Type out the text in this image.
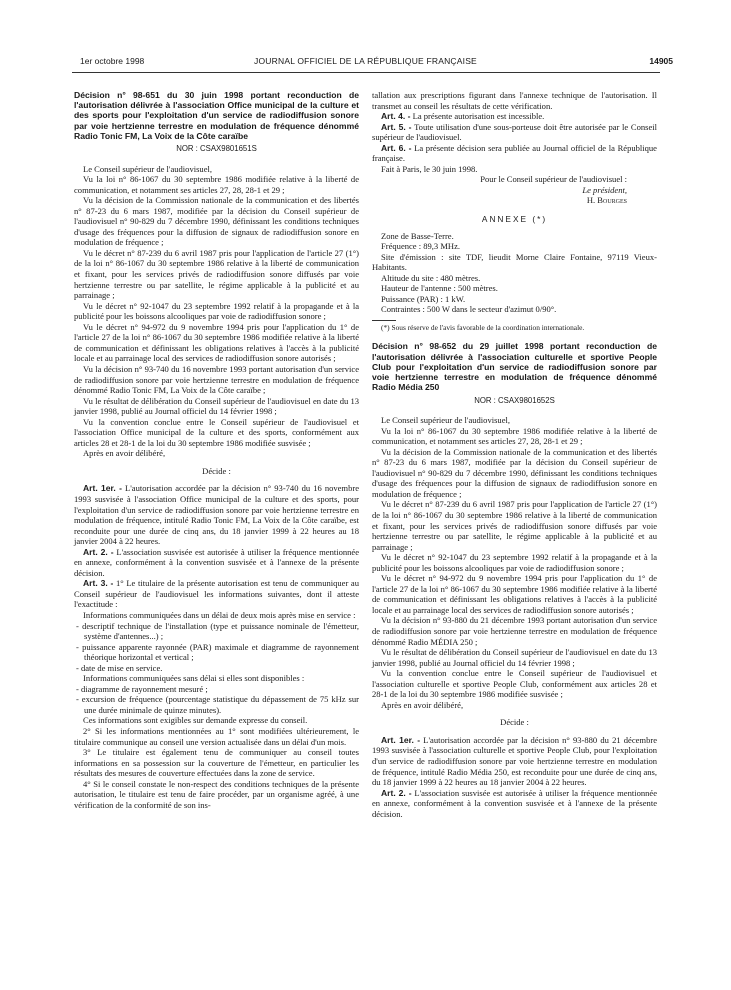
1er octobre 1998	JOURNAL OFFICIEL DE LA RÉPUBLIQUE FRANÇAISE	14905

Décision n° 98-651 du 30 juin 1998 portant reconduction de l'autorisation délivrée à l'association Office municipal de la culture et des sports pour l'exploitation d'un service de radiodiffusion sonore par voie hertzienne terrestre en modulation de fréquence dénommé Radio Tonic FM, La Voix de la Côte caraïbe

NOR : CSAX9801651S

Le Conseil supérieur de l'audiovisuel,

Vu la loi n° 86-1067 du 30 septembre 1986 modifiée relative à la liberté de communication, et notamment ses articles 27, 28, 28-1 et 29 ;

Vu la décision de la Commission nationale de la communication et des libertés n° 87-23 du 6 mars 1987, modifiée par la décision du Conseil supérieur de l'audiovisuel n° 90-829 du 7 décembre 1990, définissant les conditions techniques d'usage des fréquences pour la diffusion de signaux de radiodiffusion sonore en modulation de fréquence ;

Vu le décret n° 87-239 du 6 avril 1987 pris pour l'application de l'article 27 (1°) de la loi n° 86-1067 du 30 septembre 1986 relative à la liberté de communication et fixant, pour les services privés de radiodiffusion sonore diffusés par voie hertzienne terrestre ou par satellite, le régime applicable à la publicité et au parrainage ;

Vu le décret n° 92-1047 du 23 septembre 1992 relatif à la propagande et à la publicité pour les boissons alcooliques par voie de radiodiffusion sonore ;

Vu le décret n° 94-972 du 9 novembre 1994 pris pour l'application du 1° de l'article 27 de la loi n° 86-1067 du 30 septembre 1986 modifiée relative à la liberté de communication et définissant les obligations relatives à l'accès à la publicité locale et au parrainage local des services de radiodiffusion sonore autorisés ;

Vu la décision n° 93-740 du 16 novembre 1993 portant autorisation d'un service de radiodiffusion sonore par voie hertzienne terrestre en modulation de fréquence dénommé Radio Tonic FM, La Voix de la Côte caraïbe ;

Vu le résultat de délibération du Conseil supérieur de l'audiovisuel en date du 13 janvier 1998, publié au Journal officiel du 14 février 1998 ;

Vu la convention conclue entre le Conseil supérieur de l'audiovisuel et l'association Office municipal de la culture et des sports, conformément aux articles 28 et 28-1 de la loi du 30 septembre 1986 modifiée susvisée ;

Après en avoir délibéré,

Décide :

Art. 1er. - L'autorisation accordée par la décision n° 93-740 du 16 novembre 1993 susvisée à l'association Office municipal de la culture et des sports, pour l'exploitation d'un service de radiodiffusion sonore par voie hertzienne terrestre en modulation de fréquence, intitulé Radio Tonic FM, La Voix de la Côte caraïbe, est reconduite pour une durée de cinq ans, du 18 janvier 1999 à 22 heures au 18 janvier 2004 à 22 heures.

Art. 2. - L'association susvisée est autorisée à utiliser la fréquence mentionnée en annexe, conformément à la convention susvisée et à l'annexe de la présente décision.

Art. 3. - 1° Le titulaire de la présente autorisation est tenu de communiquer au Conseil supérieur de l'audiovisuel les informations suivantes, dont il atteste l'exactitude :

Informations communiquées dans un délai de deux mois après mise en service :

- descriptif technique de l'installation (type et puissance nominale de l'émetteur, système d'antennes...) ;

- puissance apparente rayonnée (PAR) maximale et diagramme de rayonnement théorique horizontal et vertical ;

- date de mise en service.

Informations communiquées sans délai si elles sont disponibles :

- diagramme de rayonnement mesuré ;

- excursion de fréquence (pourcentage statistique du dépassement de 75 kHz sur une durée minimale de quinze minutes).

Ces informations sont exigibles sur demande expresse du conseil.

2° Si les informations mentionnées au 1° sont modifiées ultérieurement, le titulaire communique au conseil une version actualisée dans un délai d'un mois.

3° Le titulaire est également tenu de communiquer au conseil toutes informations en sa possession sur la couverture de l'émetteur, en particulier les résultats des mesures de couverture effectuées dans la zone de service.

4° Si le conseil constate le non-respect des conditions techniques de la présente autorisation, le titulaire est tenu de faire procéder, par un organisme agréé, à une vérification de la conformité de son ins-

tallation aux prescriptions figurant dans l'annexe technique de l'autorisation. Il transmet au conseil les résultats de cette vérification.

Art. 4. - La présente autorisation est incessible.

Art. 5. - Toute utilisation d'une sous-porteuse doit être autorisée par le Conseil supérieur de l'audiovisuel.

Art. 6. - La présente décision sera publiée au Journal officiel de la République française.

Fait à Paris, le 30 juin 1998.

Pour le Conseil supérieur de l'audiovisuel :

Le président,

H. Bourges

ANNEXE (*)

Zone de Basse-Terre.

Fréquence : 89,3 MHz.

Site d'émission : site TDF, lieudit Morne Claire Fontaine, 97119 Vieux-Habitants.

Altitude du site : 480 mètres.

Hauteur de l'antenne : 500 mètres.

Puissance (PAR) : 1 kW.

Contraintes : 500 W dans le secteur d'azimut 0/90°.

(*) Sous réserve de l'avis favorable de la coordination internationale.

Décision n° 98-652 du 29 juillet 1998 portant reconduction de l'autorisation délivrée à l'association culturelle et sportive People Club pour l'exploitation d'un service de radiodiffusion sonore par voie hertzienne terrestre en modulation de fréquence dénommé Radio Média 250

NOR : CSAX9801652S

Le Conseil supérieur de l'audiovisuel,

Vu la loi n° 86-1067 du 30 septembre 1986 modifiée relative à la liberté de communication, et notamment ses articles 27, 28, 28-1 et 29 ;

Vu la décision de la Commission nationale de la communication et des libertés n° 87-23 du 6 mars 1987, modifiée par la décision du Conseil supérieur de l'audiovisuel n° 90-829 du 7 décembre 1990, définissant les conditions techniques d'usage des fréquences pour la diffusion de signaux de radiodiffusion sonore en modulation de fréquence ;

Vu le décret n° 87-239 du 6 avril 1987 pris pour l'application de l'article 27 (1°) de la loi n° 86-1067 du 30 septembre 1986 relative à la liberté de communication et fixant, pour les services privés de radiodiffusion sonore diffusés par voie hertzienne terrestre ou par satellite, le régime applicable à la publicité et au parrainage ;

Vu le décret n° 92-1047 du 23 septembre 1992 relatif à la propagande et à la publicité pour les boissons alcooliques par voie de radiodiffusion sonore ;

Vu le décret n° 94-972 du 9 novembre 1994 pris pour l'application du 1° de l'article 27 de la loi n° 86-1067 du 30 septembre 1986 modifiée relative à la liberté de communication et définissant les obligations relatives à l'accès à la publicité locale et au parrainage local des services de radiodiffusion sonore autorisés ;

Vu la décision n° 93-880 du 21 décembre 1993 portant autorisation d'un service de radiodiffusion sonore par voie hertzienne terrestre en modulation de fréquence dénommé Radio MÉDIA 250 ;

Vu le résultat de délibération du Conseil supérieur de l'audiovisuel en date du 13 janvier 1998, publié au Journal officiel du 14 février 1998 ;

Vu la convention conclue entre le Conseil supérieur de l'audiovisuel et l'association culturelle et sportive People Club, conformément aux articles 28 et 28-1 de la loi du 30 septembre 1986 modifiée susvisée ;

Après en avoir délibéré,

Décide :

Art. 1er. - L'autorisation accordée par la décision n° 93-880 du 21 décembre 1993 susvisée à l'association culturelle et sportive People Club, pour l'exploitation d'un service de radiodiffusion sonore par voie hertzienne terrestre en modulation de fréquence, intitulé Radio Média 250, est reconduite pour une durée de cinq ans, du 18 janvier 1999 à 22 heures au 18 janvier 2004 à 22 heures.

Art. 2. - L'association susvisée est autorisée à utiliser la fréquence mentionnée en annexe, conformément à la convention susvisée et à l'annexe de la présente décision.
